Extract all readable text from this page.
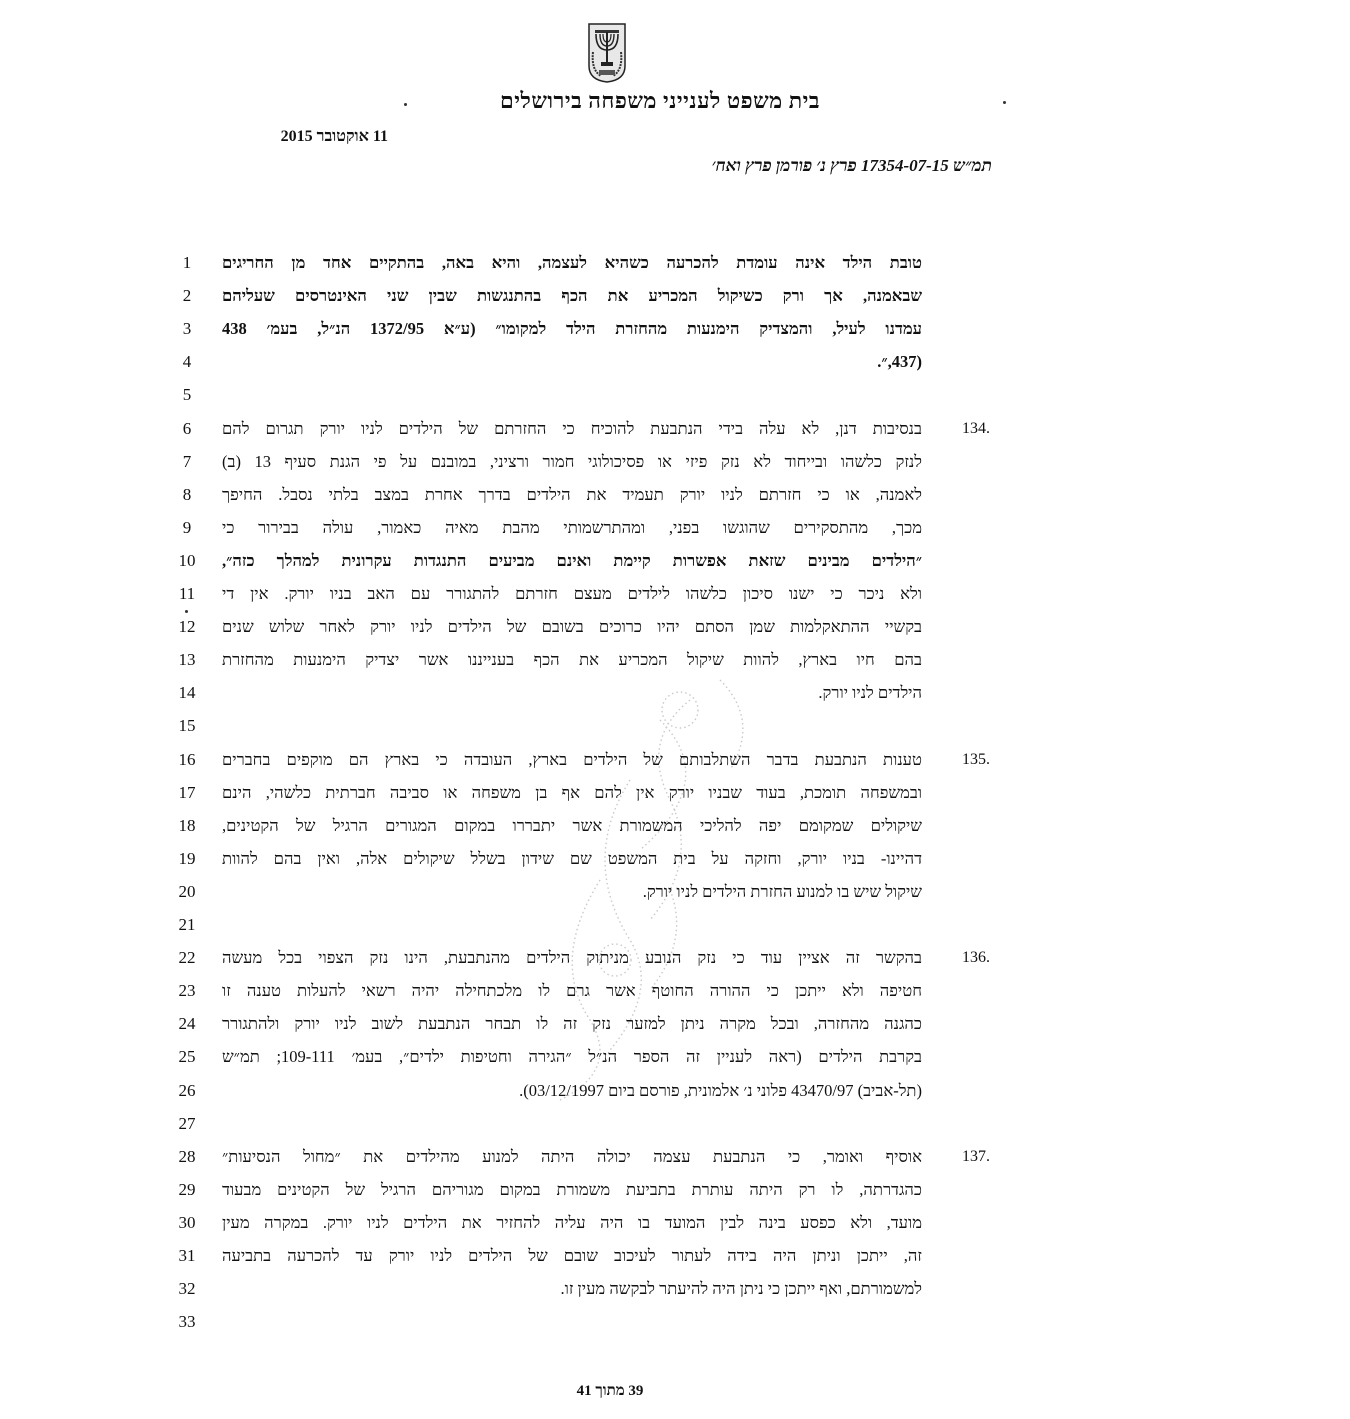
בית משפט לענייני משפחה בירושלים
11 אוקטובר 2015
תמ״ש 17354-07-15 פרץ נ׳ פורמן פרץ ואח׳
1	טובת הילד אינה עומדת להכרעה כשהיא לעצמה, והיא באה, בהתקיים אחד מן החריגים
2	שבאמנה, אך ורק כשיקול המכריע את הכף בהתנגשות שבין שני האינטרסים שעליהם
3	עמדנו לעיל, והמצדיק הימנעות מהחזרת הילד למקומו״ (ע״א 1372/95 הנ״ל, בעמ׳ 438
4	(437,״.
5
6	בנסיבות דנן, לא עלה בידי הנתבעת להוכיח כי החזרתם של הילדים לניו יורק תגרום להם	134.
7	לנזק כלשהו ובייחוד לא נזק פיזי או פסיכולוגי חמור ורציני, במובנם על פי הגנת סעיף 13 (ב)
8	לאמנה, או כי חזרתם לניו יורק תעמיד את הילדים בדרך אחרת במצב בלתי נסבל. החיפך
9	מכך, מהתסקירים שהוגשו בפני, ומהתרשמותי מהבת מאיה כאמור, עולה בבירור כי
10	״הילדים מבינים שזאת אפשרות קיימת ואינם מביעים התנגדות עקרונית למהלך כזה״,
11	ולא ניכר כי ישנו סיכון כלשהו לילדים מעצם חזרתם להתגורר עם האב בניו יורק. אין די
12	בקשיי ההתאקלמות שמן הסתם יהיו כרוכים בשובם של הילדים לניו יורק לאחר שלוש שנים
13	בהם חיו בארץ, להוות שיקול המכריע את הכף בענייננו אשר יצדיק הימנעות מהחזרת
14	הילדים לניו יורק.
15
16	טענות הנתבעת בדבר השתלבותם של הילדים בארץ, העובדה כי בארץ הם מוקפים בחברים	135.
17	ובמשפחה תומכת, בעוד שבניו יורק אין להם אף בן משפחה או סביבה חברתית כלשהי, הינם
18	שיקולים שמקומם יפה להליכי המשמורת אשר יתבררו במקום המגורים הרגיל של הקטינים,
19	דהיינו- בניו יורק, וחזקה על בית המשפט שם שידון בשלל שיקולים אלה, ואין בהם להוות
20	שיקול שיש בו למנוע החזרת הילדים לניו יורק.
21
22	בהקשר זה אציין עוד כי נזק הנובע מניתוק הילדים מהנתבעת, הינו נזק הצפוי בכל מעשה	136.
23	חטיפה ולא ייתכן כי ההורה החוטף אשר גרם לו מלכתחילה יהיה רשאי להעלות טענה זו
24	כהגנה מהחזרה, ובכל מקרה ניתן למזער נזק זה לו תבחר הנתבעת לשוב לניו יורק ולהתגורר
25	בקרבת הילדים (ראה לעניין זה הספר הנ״ל ״הגירה וחטיפות ילדים״, בעמ׳ 109-111; תמ״ש
26	(תל-אביב) 43470/97 פלוני נ׳ אלמונית, פורסם ביום 03/12/1997).
27
28	אוסיף ואומר, כי הנתבעת עצמה יכולה היתה למנוע מהילדים את ״מחול הנסיעות״	137.
29	כהגדרתה, לו רק היתה עותרת בתביעת משמורת במקום מגוריהם הרגיל של הקטינים מבעוד
30	מועד, ולא כפסע בינה לבין המועד בו היה עליה להחזיר את הילדים לניו יורק. במקרה מעין
31	זה, ייתכן וניתן היה בידה לעתור לעיכוב שובם של הילדים לניו יורק עד להכרעה בתביעה
32	למשמורתם, ואף ייתכן כי ניתן היה להיעתר לבקשה מעין זו.
33
39 מתוך 41
